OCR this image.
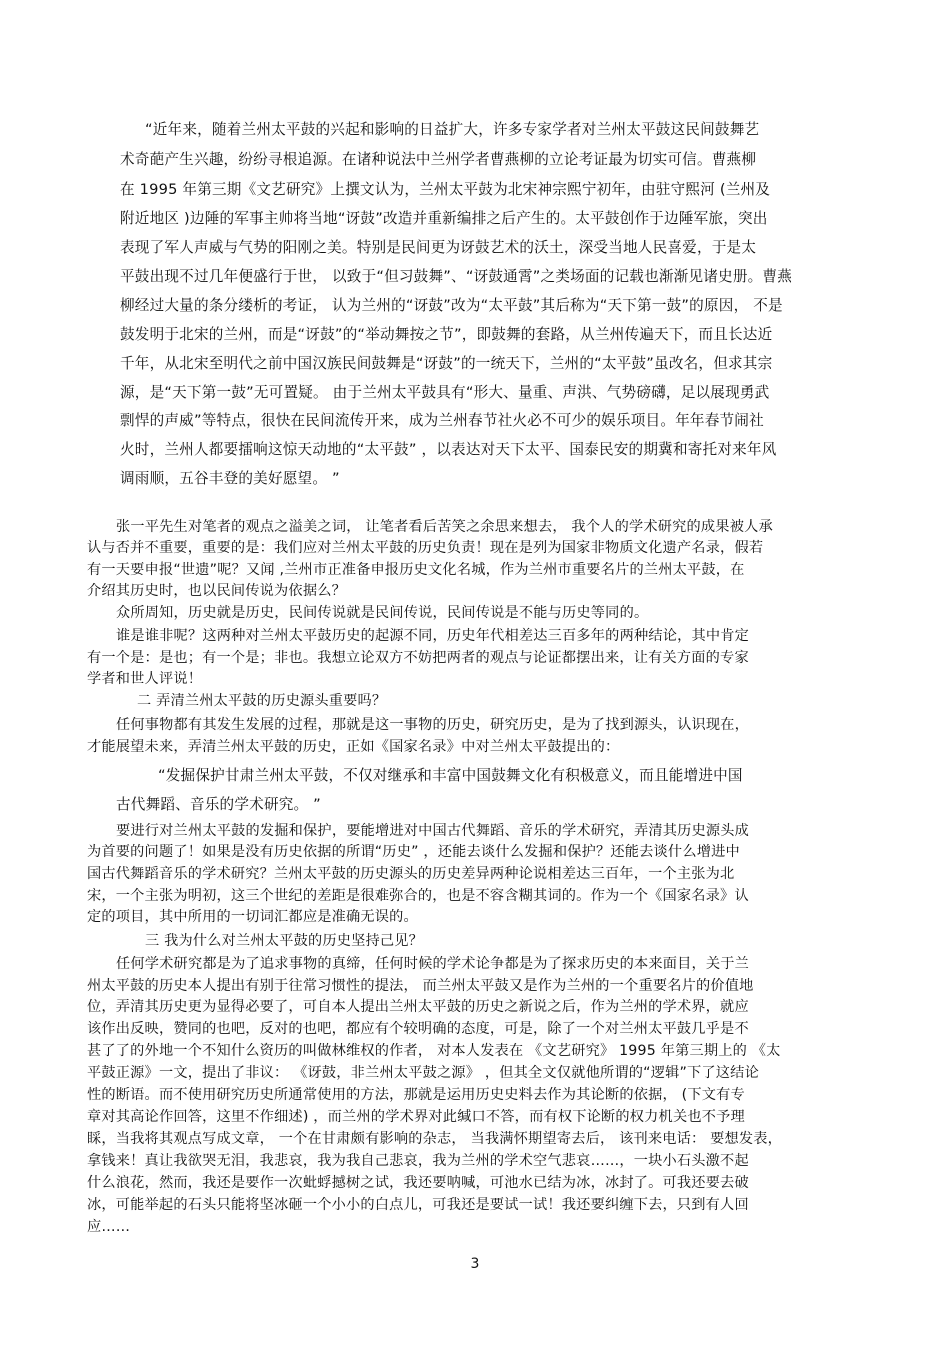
“近年来，随着兰州太平鼓的兴起和影响的日益扩大，许多专家学者对兰州太平鼓这民间鼓舞艺
术奇葩产生兴趣，纷纷寻根追源。在诸种说法中兰州学者曹燕柳的立论考证最为切实可信。曹燕柳
在 1995 年第三期《文艺研究》上撰文认为，兰州太平鼓为北宋神宗熙宁初年，由驻守熙河 (兰州及
附近地区 )边陲的军事主帅将当地“讶鼓”改造并重新编排之后产生的。太平鼓创作于边陲军旅，突出
表现了军人声威与气势的阳刚之美。特别是民间更为讶鼓艺术的沃土，深受当地人民喜爱，于是太
平鼓出现不过几年便盛行于世， 以致于“但习鼓舞”、“讶鼓通霄”之类场面的记载也渐渐见诸史册。曹燕
柳经过大量的条分缕析的考证， 认为兰州的“讶鼓”改为“太平鼓”其后称为“天下第一鼓”的原因， 不是
鼓发明于北宋的兰州，而是“讶鼓”的“举动舞按之节”，即鼓舞的套路，从兰州传遍天下，而且长达近
千年，从北宋至明代之前中国汉族民间鼓舞是“讶鼓”的一统天下，兰州的“太平鼓”虽改名，但求其宗
源，是“天下第一鼓”无可置疑。 由于兰州太平鼓具有“形大、量重、声洪、气势磅礴，足以展现勇武
剽悍的声威”等特点，很快在民间流传开来，成为兰州春节社火必不可少的娱乐项目。年年春节闹社
火时，兰州人都要擂响这惊天动地的“太平鼓” ，以表达对天下太平、国泰民安的期冀和寄托对来年风
调雨顺，五谷丰登的美好愿望。 ”
张一平先生对笔者的观点之溢美之词， 让笔者看后苦笑之余思来想去， 我个人的学术研究的成果被人承
认与否并不重要，重要的是：我们应对兰州太平鼓的历史负责！现在是列为国家非物质文化遗产名录，假若
有一天要申报“世遗”呢？又闻 ,兰州市正准备申报历史文化名城，作为兰州市重要名片的兰州太平鼓，在
介绍其历史时，也以民间传说为依据么？
众所周知，历史就是历史，民间传说就是民间传说，民间传说是不能与历史等同的。
谁是谁非呢？这两种对兰州太平鼓历史的起源不同，历史年代相差达三百多年的两种结论，其中肯定
有一个是：是也；有一个是；非也。我想立论双方不妨把两者的观点与论证都摆出来，让有关方面的专家
学者和世人评说！
二 弄清兰州太平鼓的历史源头重要吗？
任何事物都有其发生发展的过程，那就是这一事物的历史，研究历史，是为了找到源头，认识现在，
才能展望未来，弄清兰州太平鼓的历史，正如《国家名录》中对兰州太平鼓提出的：
“发掘保护甘肃兰州太平鼓，不仅对继承和丰富中国鼓舞文化有积极意义，而且能增进中国
古代舞蹈、音乐的学术研究。 ”
要进行对兰州太平鼓的发掘和保护，要能增进对中国古代舞蹈、音乐的学术研究，弄清其历史源头成
为首要的问题了！如果是没有历史依据的所谓“历史” ，还能去谈什么发掘和保护？还能去谈什么增进中
国古代舞蹈音乐的学术研究？兰州太平鼓的历史源头的历史差异两种论说相差达三百年，一个主张为北
宋，一个主张为明初，这三个世纪的差距是很难弥合的，也是不容含糊其词的。作为一个《国家名录》认
定的项目，其中所用的一切词汇都应是准确无误的。
三 我为什么对兰州太平鼓的历史坚持己见？
任何学术研究都是为了追求事物的真缔，任何时候的学术论争都是为了探求历史的本来面目，关于兰
州太平鼓的历史本人提出有别于往常习惯性的提法， 而兰州太平鼓又是作为兰州的一个重要名片的价值地
位，弄清其历史更为显得必要了，可自本人提出兰州太平鼓的历史之新说之后，作为兰州的学术界，就应
该作出反映，赞同的也吧，反对的也吧，都应有个较明确的态度，可是，除了一个对兰州太平鼓几乎是不
甚了了的外地一个不知什么资历的叫做林维权的作者， 对本人发表在 《文艺研究》 1995 年第三期上的 《太
平鼓正源》一文，提出了非议： 《讶鼓，非兰州太平鼓之源》 ，但其全文仅就他所谓的“逻辑”下了这结论
性的断语。而不使用研究历史所通常使用的方法，那就是运用历史史料去作为其论断的依据， (下文有专
章对其高论作回答，这里不作细述) ，而兰州的学术界对此缄口不答，而有权下论断的权力机关也不予理
睬，当我将其观点写成文章， 一个在甘肃颇有影响的杂志， 当我满怀期望寄去后， 该刊来电话： 要想发表，
拿钱来！真让我欲哭无泪，我悲哀，我为我自己悲哀，我为兰州的学术空气悲哀……，一块小石头激不起
什么浪花，然而，我还是要作一次蚍蜉撼树之试，我还要呐喊，可池水已结为冰，冰封了。可我还要去破
冰，可能举起的石头只能将坚冰砸一个小小的白点儿，可我还是要试一试！我还要纠缠下去，只到有人回
应……
3
